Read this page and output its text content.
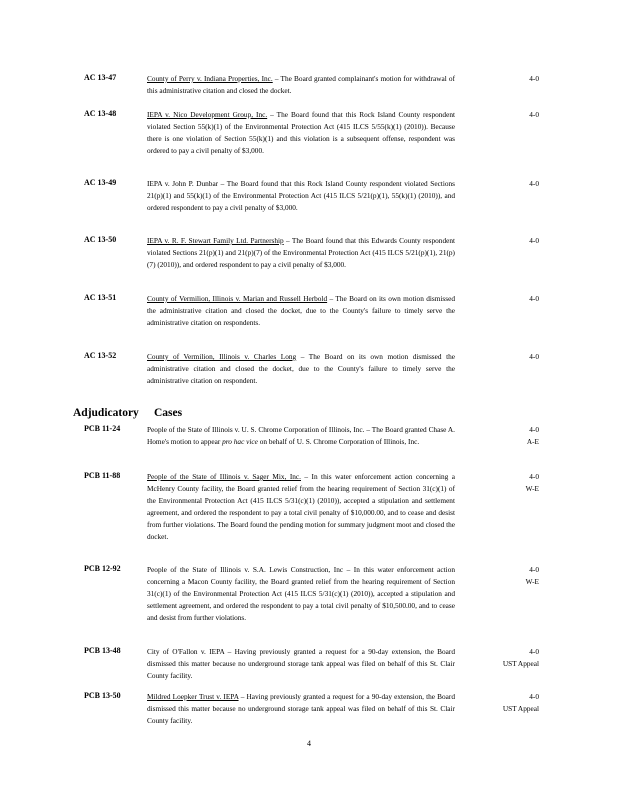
AC 13-47	County of Perry v. Indiana Properties, Inc. – The Board granted complainant's motion for withdrawal of this administrative citation and closed the docket.
4-0
AC 13-48	IEPA v. Nico Development Group, Inc. – The Board found that this Rock Island County respondent violated Section 55(k)(1) of the Environmental Protection Act (415 ILCS 5/55(k)(1) (2010)). Because there is one violation of Section 55(k)(1) and this violation is a subsequent offense, respondent was ordered to pay a civil penalty of $3,000.
4-0
AC 13-49	IEPA v. John P. Dunbar – The Board found that this Rock Island County respondent violated Sections 21(p)(1) and 55(k)(1) of the Environmental Protection Act (415 ILCS 5/21(p)(1), 55(k)(1) (2010)), and ordered respondent to pay a civil penalty of $3,000.
4-0
AC 13-50	IEPA v. R. F. Stewart Family Ltd. Partnership – The Board found that this Edwards County respondent violated Sections 21(p)(1) and 21(p)(7) of the Environmental Protection Act (415 ILCS 5/21(p)(1), 21(p)(7) (2010)), and ordered respondent to pay a civil penalty of $3,000.
4-0
AC 13-51	County of Vermilion, Illinois v. Marian and Russell Herbold – The Board on its own motion dismissed the administrative citation and closed the docket, due to the County's failure to timely serve the administrative citation on respondents.
4-0
AC 13-52	County of Vermilion, Illinois v. Charles Long – The Board on its own motion dismissed the administrative citation and closed the docket, due to the County's failure to timely serve the administrative citation on respondent.
4-0
Adjudicatory Cases
PCB 11-24	People of the State of Illinois v. U. S. Chrome Corporation of Illinois, Inc. – The Board granted Chase A. Home's motion to appear pro hac vice on behalf of U. S. Chrome Corporation of Illinois, Inc.
4-0
A-E
PCB 11-88	People of the State of Illinois v. Sager Mix, Inc. – In this water enforcement action concerning a McHenry County facility, the Board granted relief from the hearing requirement of Section 31(c)(1) of the Environmental Protection Act (415 ILCS 5/31(c)(1) (2010)), accepted a stipulation and settlement agreement, and ordered the respondent to pay a total civil penalty of $10,000.00, and to cease and desist from further violations. The Board found the pending motion for summary judgment moot and closed the docket.
4-0
W-E
PCB 12-92	People of the State of Illinois v. S.A. Lewis Construction, Inc – In this water enforcement action concerning a Macon County facility, the Board granted relief from the hearing requirement of Section 31(c)(1) of the Environmental Protection Act (415 ILCS 5/31(c)(1) (2010)), accepted a stipulation and settlement agreement, and ordered the respondent to pay a total civil penalty of $10,500.00, and to cease and desist from further violations.
4-0
W-E
PCB 13-48	City of O'Fallon v. IEPA – Having previously granted a request for a 90-day extension, the Board dismissed this matter because no underground storage tank appeal was filed on behalf of this St. Clair County facility.
4-0
UST Appeal
PCB 13-50	Mildred Loepker Trust v. IEPA – Having previously granted a request for a 90-day extension, the Board dismissed this matter because no underground storage tank appeal was filed on behalf of this St. Clair County facility.
4-0
UST Appeal
4
